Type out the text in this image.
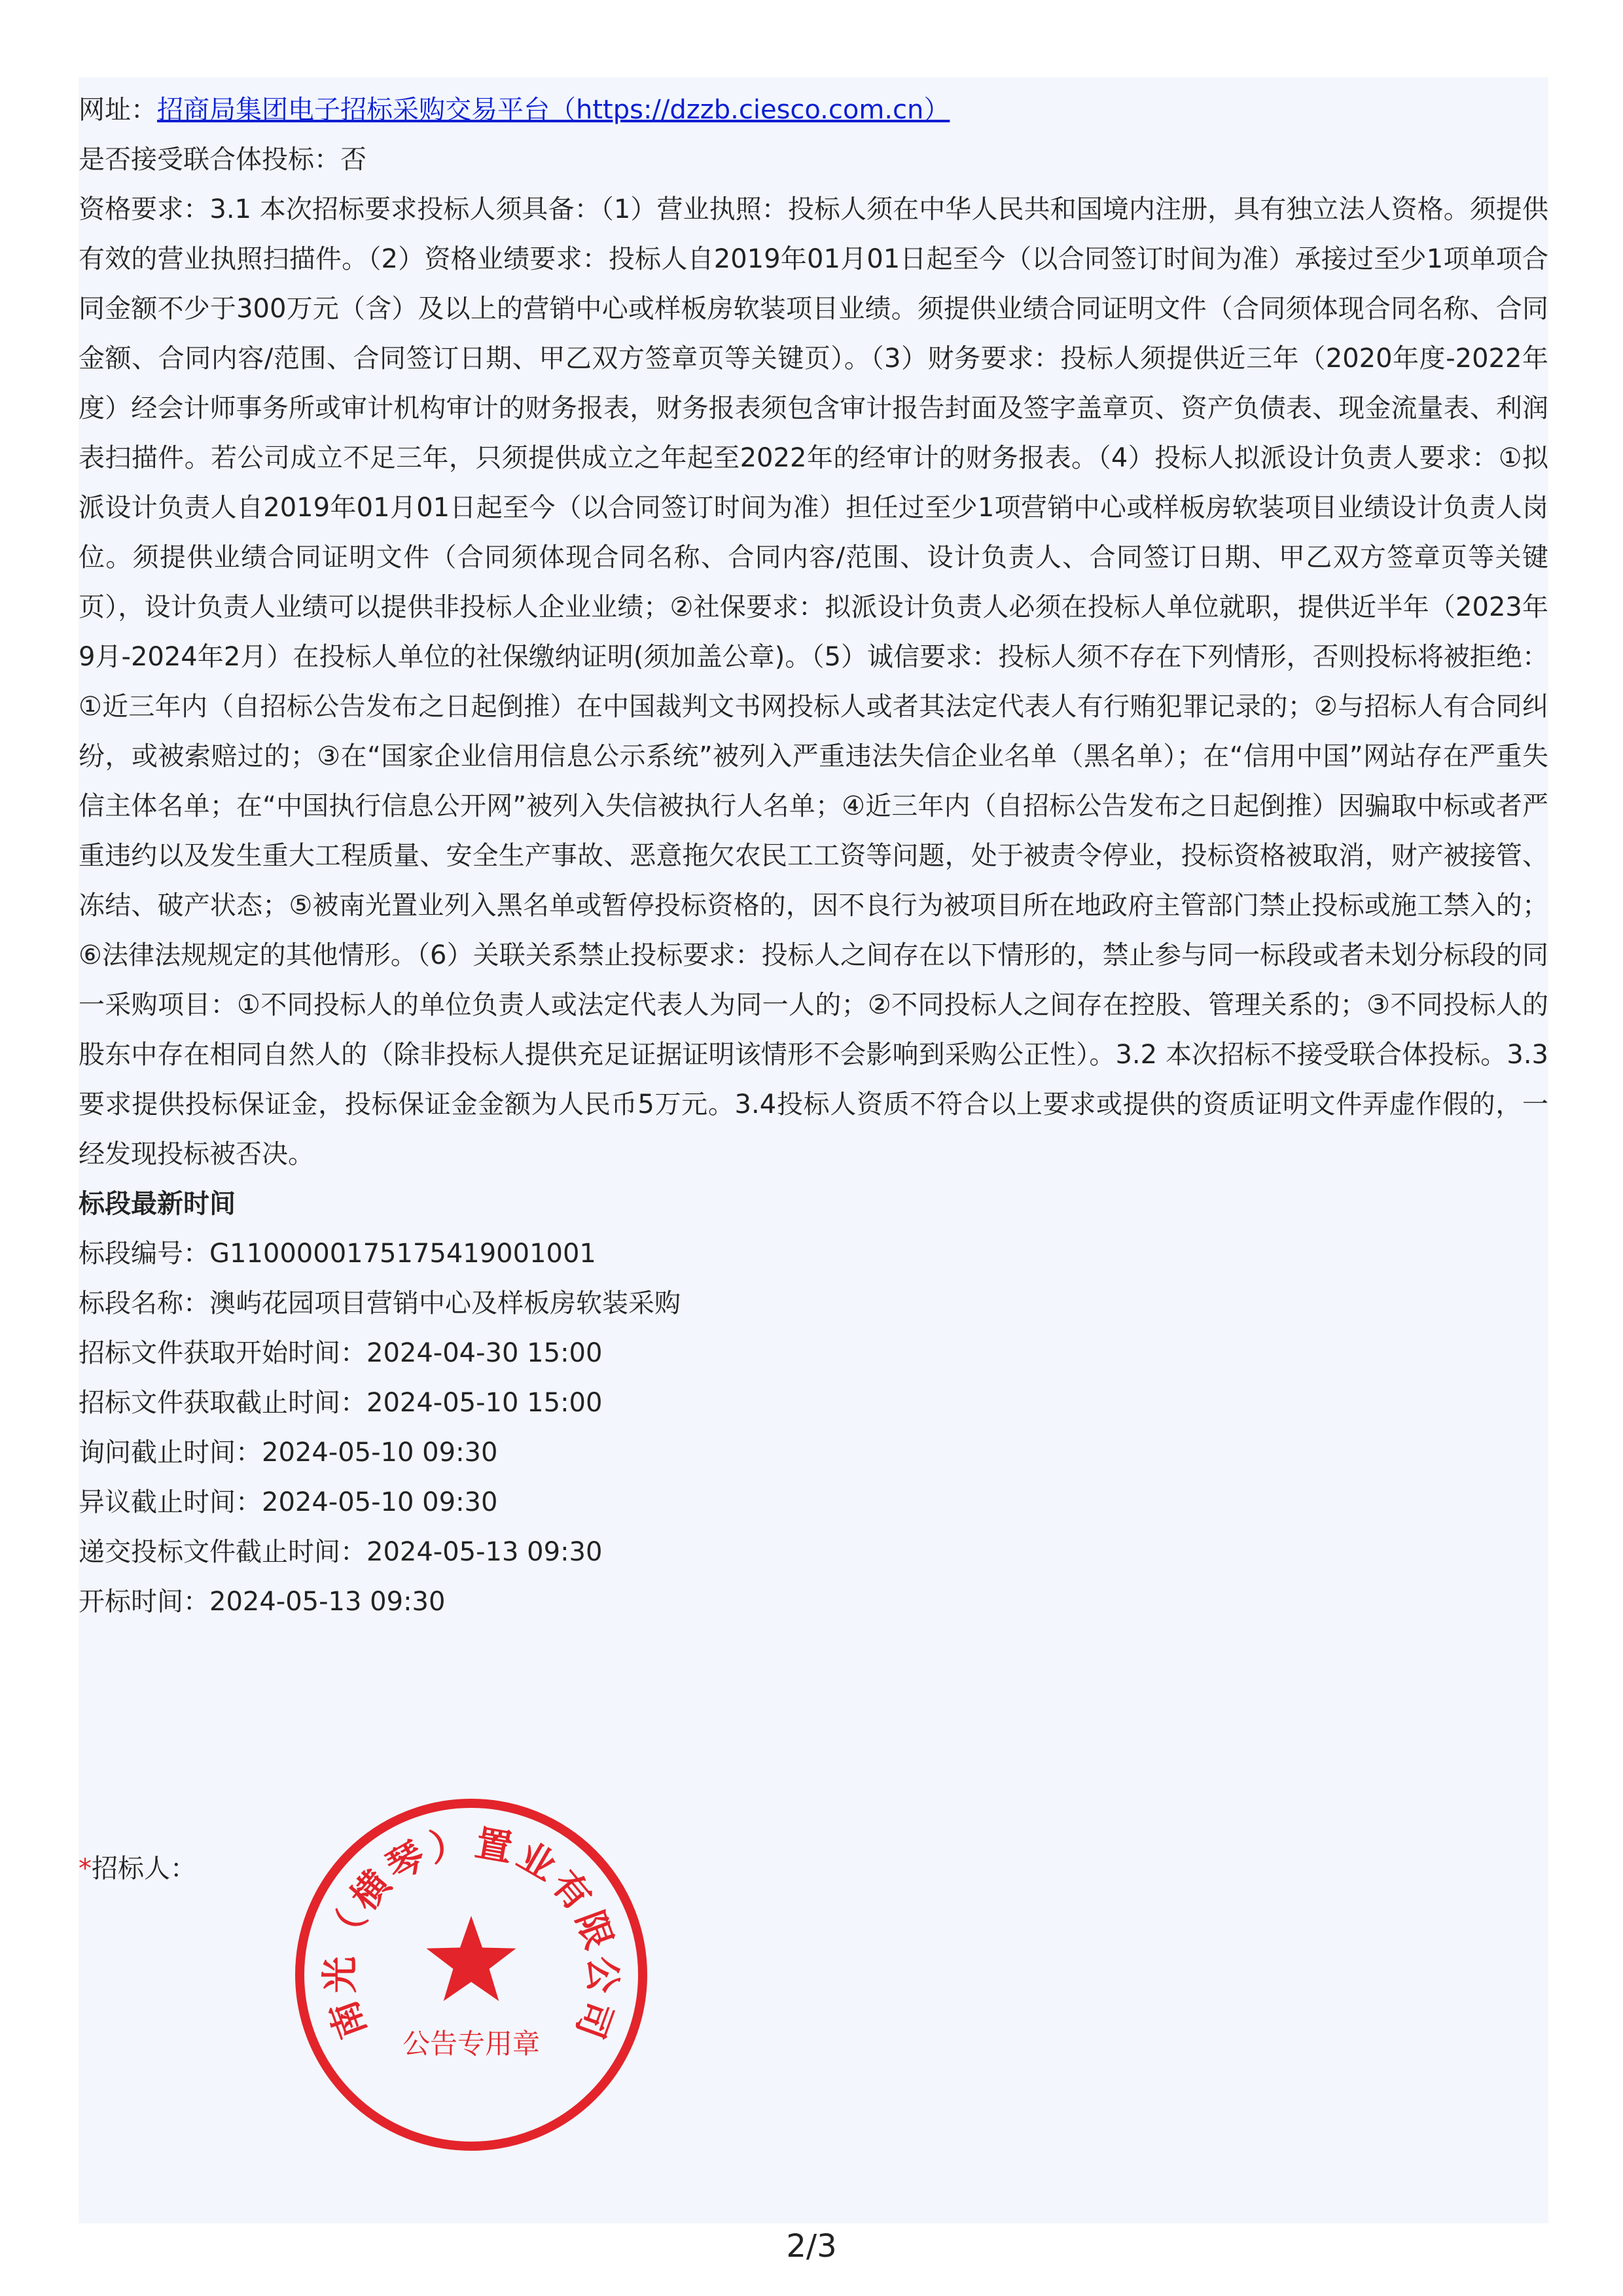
网址：招商局集团电子招标采购交易平台（https://dzzb.ciesco.com.cn）
是否接受联合体投标：否
资格要求：3.1 本次招标要求投标人须具备：（1）营业执照：投标人须在中华人民共和国境内注册，具有独立法人资格。须提供有效的营业执照扫描件。（2）资格业绩要求：投标人自2019年01月01日起至今（以合同签订时间为准）承接过至少1项单项合同金额不少于300万元（含）及以上的营销中心或样板房软装项目业绩。须提供业绩合同证明文件（合同须体现合同名称、合同金额、合同内容/范围、合同签订日期、甲乙双方签章页等关键页）。（3）财务要求：投标人须提供近三年（2020年度-2022年度）经会计师事务所或审计机构审计的财务报表，财务报表须包含审计报告封面及签字盖章页、资产负债表、现金流量表、利润表扫描件。若公司成立不足三年，只须提供成立之年起至2022年的经审计的财务报表。（4）投标人拟派设计负责人要求：①拟派设计负责人自2019年01月01日起至今（以合同签订时间为准）担任过至少1项营销中心或样板房软装项目业绩设计负责人岗位。须提供业绩合同证明文件（合同须体现合同名称、合同内容/范围、设计负责人、合同签订日期、甲乙双方签章页等关键页），设计负责人业绩可以提供非投标人企业业绩；②社保要求：拟派设计负责人必须在投标人单位就职，提供近半年（2023年9月-2024年2月）在投标人单位的社保缴纳证明(须加盖公章)。（5）诚信要求：投标人须不存在下列情形，否则投标将被拒绝：①近三年内（自招标公告发布之日起倒推）在中国裁判文书网投标人或者其法定代表人有行贿犯罪记录的；②与招标人有合同纠纷，或被索赔过的；③在“国家企业信用信息公示系统”被列入严重违法失信企业名单（黑名单）；在“信用中国”网站存在严重失信主体名单；在“中国执行信息公开网”被列入失信被执行人名单；④近三年内（自招标公告发布之日起倒推）因骗取中标或者严重违约以及发生重大工程质量、安全生产事故、恶意拖欠农民工工资等问题，处于被责令停业，投标资格被取消，财产被接管、冻结、破产状态；⑤被南光置业列入黑名单或暂停投标资格的，因不良行为被项目所在地政府主管部门禁止投标或施工禁入的；⑥法律法规规定的其他情形。（6）关联关系禁止投标要求：投标人之间存在以下情形的，禁止参与同一标段或者未划分标段的同一采购项目：①不同投标人的单位负责人或法定代表人为同一人的；②不同投标人之间存在控股、管理关系的；③不同投标人的股东中存在相同自然人的（除非投标人提供充足证据证明该情形不会影响到采购公正性）。3.2 本次招标不接受联合体投标。3.3要求提供投标保证金，投标保证金金额为人民币5万元。3.4投标人资质不符合以上要求或提供的资质证明文件弄虚作假的，一经发现投标被否决。
标段最新时间
标段编号：G1100000175175419001001
标段名称：澳屿花园项目营销中心及样板房软装采购
招标文件获取开始时间：2024-04-30 15:00
招标文件获取截止时间：2024-05-10 15:00
询问截止时间：2024-05-10 09:30
异议截止时间：2024-05-10 09:30
递交投标文件截止时间：2024-05-13 09:30
开标时间：2024-05-13 09:30
*招标人：
南
光
（
横
琴
） 置
业
有
限
公
司
公告专用章
2/3
